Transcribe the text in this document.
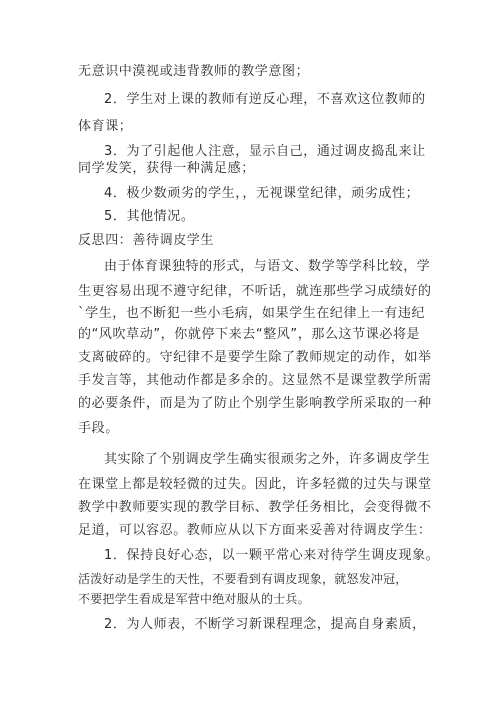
无意识中漠视或违背教师的教学意图；
2．学生对上课的教师有逆反心理，不喜欢这位教师的
体育课；
3．为了引起他人注意，显示自己，通过调皮捣乱来让
同学发笑，获得一种满足感；
4．极少数顽劣的学生，，无视课堂纪律，顽劣成性；
5．其他情况。
反思四：善待调皮学生
由于体育课独特的形式，与语文、数学等学科比较，学
生更容易出现不遵守纪律，不听话，就连那些学习成绩好的
`学生，也不断犯一些小毛病，如果学生在纪律上一有违纪
的“风吹草动”，你就停下来去“整风”，那么这节课必将是
支离破碎的。守纪律不是要学生除了教师规定的动作，如举
手发言等，其他动作都是多余的。这显然不是课堂教学所需
的必要条件，而是为了防止个别学生影响教学所采取的一种
手段。
其实除了个别调皮学生确实很顽劣之外，许多调皮学生
在课堂上都是较轻微的过失。因此，许多轻微的过失与课堂
教学中教师要实现的教学目标、教学任务相比，会变得微不
足道，可以容忍。教师应从以下方面来妥善对待调皮学生：
1．保持良好心态，以一颗平常心来对待学生调皮现象。
活泼好动是学生的天性，不要看到有调皮现象，就怒发冲冠，
不要把学生看成是军营中绝对服从的士兵。
2．为人师表，不断学习新课程理念，提高自身素质，
